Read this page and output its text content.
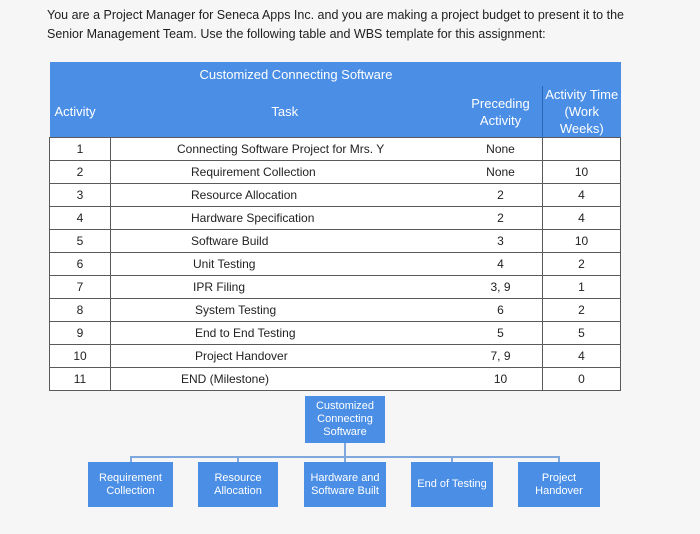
You are a Project Manager for Seneca Apps Inc. and you are making a project budget to present it to the Senior Management Team. Use the following table and WBS template for this assignment:
Customized Connecting Software			
Activity	Task	Preceding Activity	Activity Time (Work Weeks)
1	Connecting Software Project for Mrs. Y	None	
2	Requirement Collection	None	10
3	Resource Allocation	2	4
4	Hardware Specification	2	4
5	Software Build	3	10
6	Unit Testing	4	2
7	IPR Filing	3, 9	1
8	System Testing	6	2
9	End to End Testing	5	5
10	Project Handover	7, 9	4
11	END (Milestone)	10	0
Customized Connecting Software
Requirement Collection
Resource Allocation
Hardware and Software Built
End of Testing
Project Handover
